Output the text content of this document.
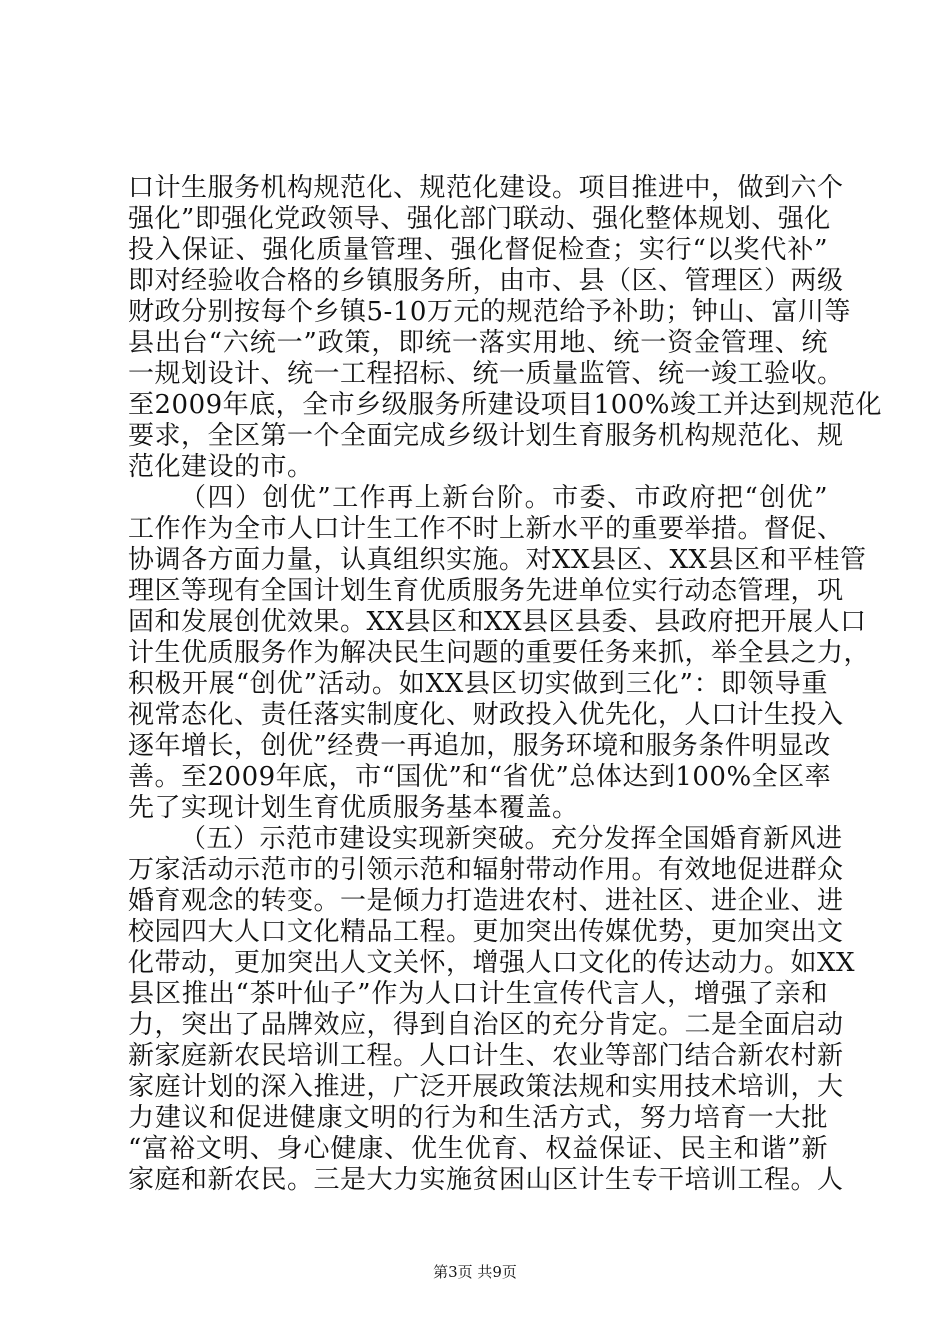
口计生服务机构规范化、规范化建设。项目推进中，做到六个
强化”即强化党政领导、强化部门联动、强化整体规划、强化
投入保证、强化质量管理、强化督促检查；实行“以奖代补”
即对经验收合格的乡镇服务所，由市、县（区、管理区）两级
财政分别按每个乡镇5-10万元的规范给予补助；钟山、富川等
县出台“六统一”政策，即统一落实用地、统一资金管理、统
一规划设计、统一工程招标、统一质量监管、统一竣工验收。
至2009年底，全市乡级服务所建设项目100%竣工并达到规范化
要求，全区第一个全面完成乡级计划生育服务机构规范化、规
范化建设的市。
（四）创优”工作再上新台阶。市委、市政府把“创优”
工作作为全市人口计生工作不时上新水平的重要举措。督促、
协调各方面力量，认真组织实施。对XX县区、XX县区和平桂管
理区等现有全国计划生育优质服务先进单位实行动态管理，巩
固和发展创优效果。XX县区和XX县区县委、县政府把开展人口
计生优质服务作为解决民生问题的重要任务来抓，举全县之力，
积极开展“创优”活动。如XX县区切实做到三化”：即领导重
视常态化、责任落实制度化、财政投入优先化，人口计生投入
逐年增长，创优”经费一再追加，服务环境和服务条件明显改
善。至2009年底，市“国优”和“省优”总体达到100%全区率
先了实现计划生育优质服务基本覆盖。
（五）示范市建设实现新突破。充分发挥全国婚育新风进
万家活动示范市的引领示范和辐射带动作用。有效地促进群众
婚育观念的转变。一是倾力打造进农村、进社区、进企业、进
校园四大人口文化精品工程。更加突出传媒优势，更加突出文
化带动，更加突出人文关怀，增强人口文化的传达动力。如XX
县区推出“茶叶仙子”作为人口计生宣传代言人，增强了亲和
力，突出了品牌效应，得到自治区的充分肯定。二是全面启动
新家庭新农民培训工程。人口计生、农业等部门结合新农村新
家庭计划的深入推进，广泛开展政策法规和实用技术培训，大
力建议和促进健康文明的行为和生活方式，努力培育一大批
“富裕文明、身心健康、优生优育、权益保证、民主和谐”新
家庭和新农民。三是大力实施贫困山区计生专干培训工程。人
第3页 共9页
